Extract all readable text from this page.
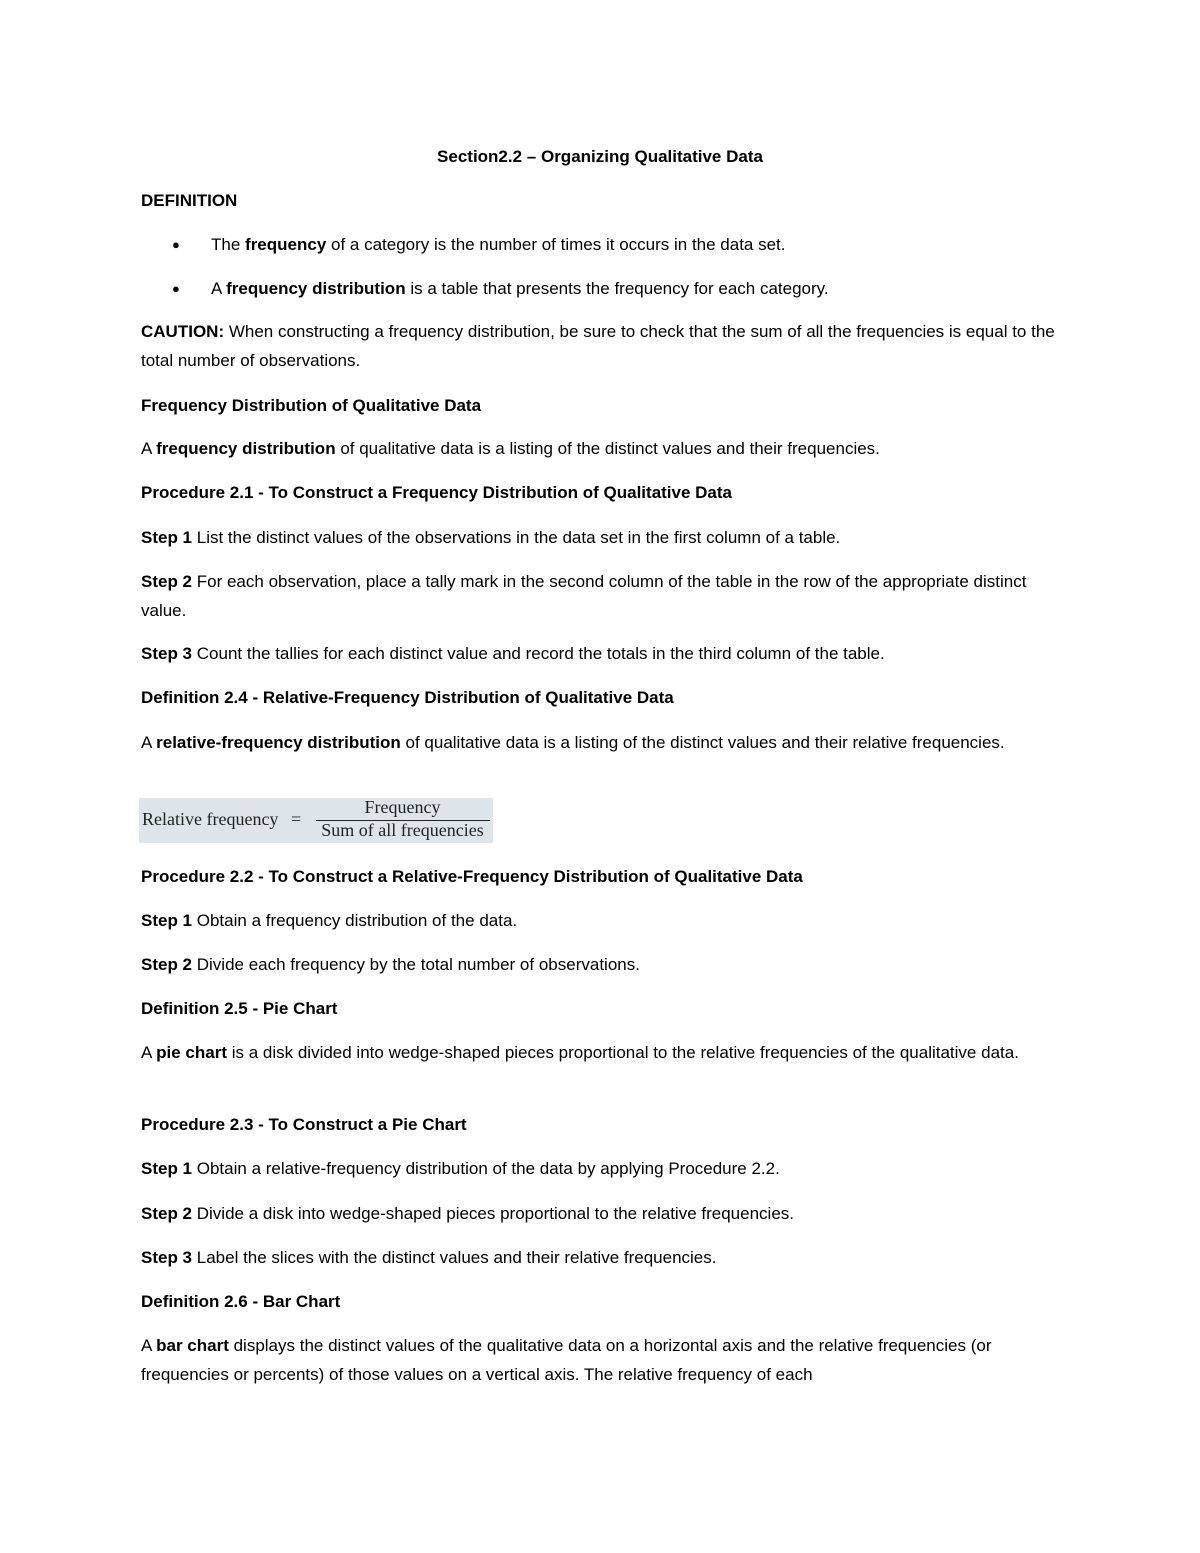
Section2.2 – Organizing Qualitative Data

DEFINITION

● The frequency of a category is the number of times it occurs in the data set.

● A frequency distribution is a table that presents the frequency for each category.

CAUTION: When constructing a frequency distribution, be sure to check that the sum of all the frequencies is equal to the total number of observations.

Frequency Distribution of Qualitative Data

A frequency distribution of qualitative data is a listing of the distinct values and their frequencies.

Procedure 2.1 - To Construct a Frequency Distribution of Qualitative Data

Step 1 List the distinct values of the observations in the data set in the first column of a table.

Step 2 For each observation, place a tally mark in the second column of the table in the row of the appropriate distinct value.

Step 3 Count the tallies for each distinct value and record the totals in the third column of the table.

Definition 2.4 - Relative-Frequency Distribution of Qualitative Data

A relative-frequency distribution of qualitative data is a listing of the distinct values and their relative frequencies.

Relative frequency =
Frequency
Sum of all frequencies

Procedure 2.2 - To Construct a Relative-Frequency Distribution of Qualitative Data

Step 1 Obtain a frequency distribution of the data.

Step 2 Divide each frequency by the total number of observations.

Definition 2.5 - Pie Chart

A pie chart is a disk divided into wedge-shaped pieces proportional to the relative frequencies of the qualitative data.

Procedure 2.3 - To Construct a Pie Chart

Step 1 Obtain a relative-frequency distribution of the data by applying Procedure 2.2.

Step 2 Divide a disk into wedge-shaped pieces proportional to the relative frequencies.

Step 3 Label the slices with the distinct values and their relative frequencies.

Definition 2.6 - Bar Chart

A bar chart displays the distinct values of the qualitative data on a horizontal axis and the relative frequencies (or frequencies or percents) of those values on a vertical axis. The relative frequency of each
